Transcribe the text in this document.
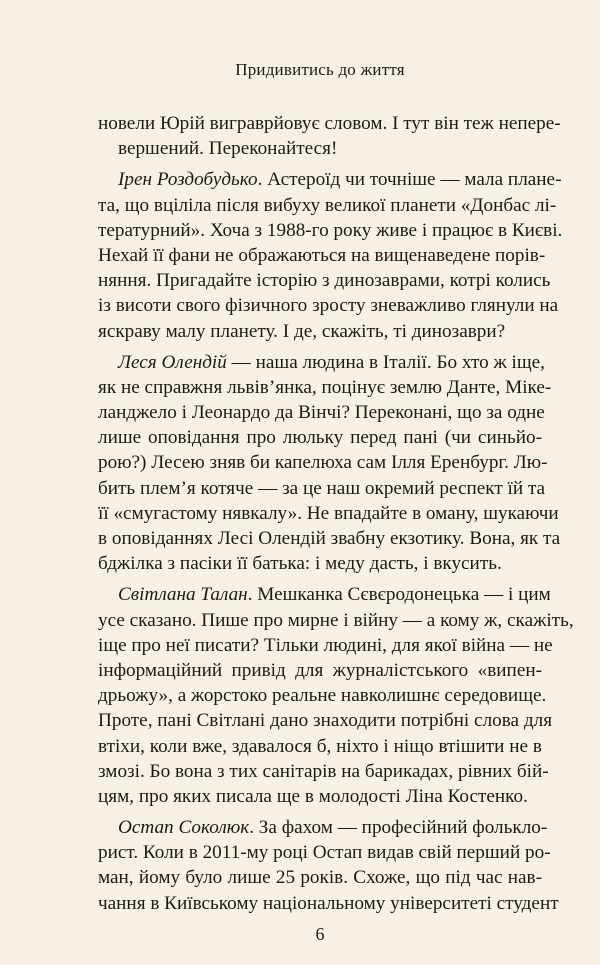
Придивитись до життя
новели Юрій виграврйовує словом. І тут він теж непере-
вершений. Переконайтеся!
Ірен Роздобудько. Астероїд чи точніше — мала плане-
та, що вціліла після вибуху великої планети «Донбас лі-
тературний». Хоча з 1988-го року живе і працює в Києві.
Нехай її фани не ображаються на вищенаведене порів-
няння. Пригадайте історію з динозаврами, котрі колись
із висоти свого фізичного зросту зневажливо глянули на
яскраву малу планету. І де, скажіть, ті динозаври?
Леся Олендій — наша людина в Італії. Бо хто ж іще,
як не справжня львів’янка, поцінує землю Данте, Міке-
ланджело і Леонардо да Вінчі? Переконані, що за одне
лише оповідання про люльку перед пані (чи синьйо-
рою?) Лесею зняв би капелюха сам Ілля Еренбург. Лю-
бить плем’я котяче — за це наш окремий респект їй та
її «смугастому нявкалу». Не впадайте в оману, шукаючи
в оповіданнях Лесі Олендій звабну екзотику. Вона, як та
бджілка з пасіки її батька: і меду дасть, і вкусить.
Світлана Талан. Мешканка Сєвєродонецька — і цим
усе сказано. Пише про мирне і війну — а кому ж, скажіть,
іще про неї писати? Тільки людині, для якої війна — не
інформаційний привід для журналістського «випен-
дрьожу», а жорстоко реальне навколишнє середовище.
Проте, пані Світлані дано знаходити потрібні слова для
втіхи, коли вже, здавалося б, ніхто і ніщо втішити не в
змозі. Бо вона з тих санітарів на барикадах, рівних бій-
цям, про яких писала ще в молодості Ліна Костенко.
Остап Соколюк. За фахом — професійний фолькло-
рист. Коли в 2011-му році Остап видав свій перший ро-
ман, йому було лише 25 років. Схоже, що під час нав-
чання в Київському національному університеті студент
6
